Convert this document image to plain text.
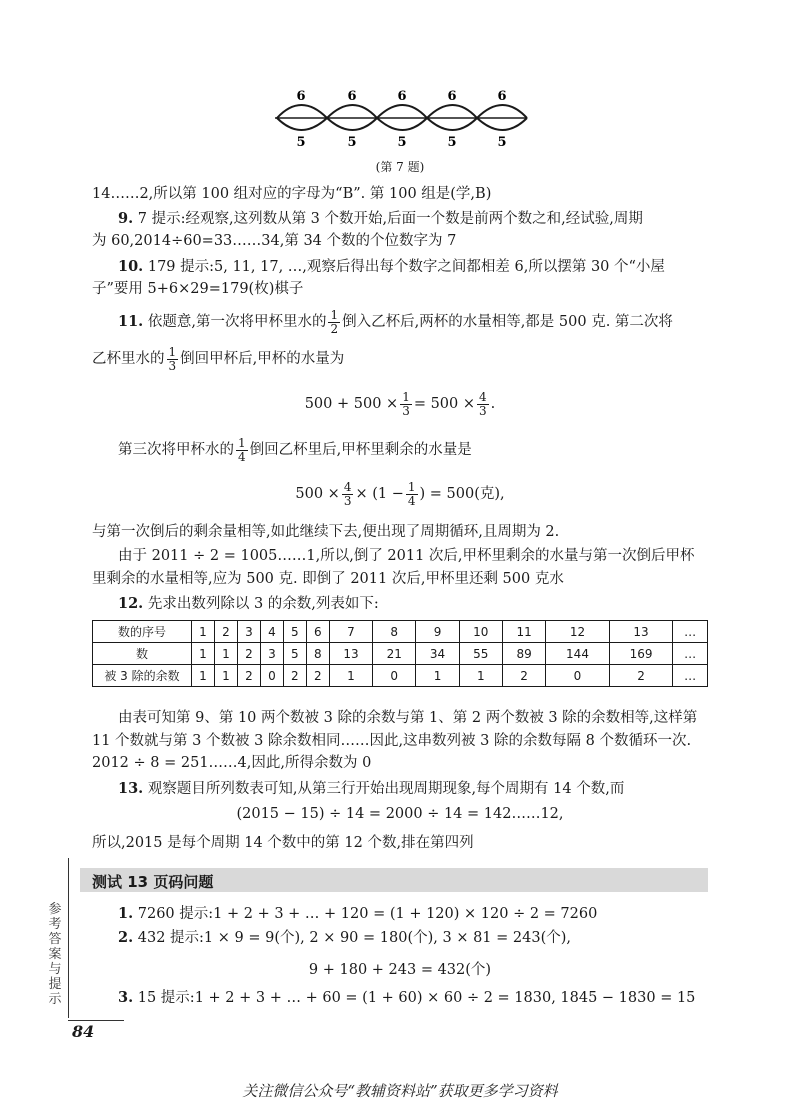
6	6	6	6	6
5	5	5	5	5
(第 7 题)
14……2,所以第 100 组对应的字母为“B”. 第 100 组是(学,B)
9. 7 提示:经观察,这列数从第 3 个数开始,后面一个数是前两个数之和,经试验,周期
为 60,2014÷60=33……34,第 34 个数的个位数字为 7
10. 179 提示:5, 11, 17, …,观察后得出每个数字之间都相差 6,所以摆第 30 个“小屋
子”要用 5+6×29=179(枚)棋子
11. 依题意,第一次将甲杯里水的 $\frac{1}{2}$ 倒入乙杯后,两杯的水量相等,都是 500 克. 第二次将
乙杯里水的 $\frac{1}{3}$ 倒回甲杯后,甲杯的水量为
$500 + 500 \times \frac{1}{3} = 500 \times \frac{4}{3}$ .
第三次将甲杯水的 $\frac{1}{4}$ 倒回乙杯里后,甲杯里剩余的水量是
$500 \times \frac{4}{3} \times (1 - \frac{1}{4}$ ) = 500(克),
与第一次倒后的剩余量相等,如此继续下去,便出现了周期循环,且周期为 2.
由于 2011 ÷ 2 = 1005……1,所以,倒了 2011 次后,甲杯里剩余的水量与第一次倒后甲杯
里剩余的水量相等,应为 500 克. 即倒了 2011 次后,甲杯里还剩 500 克水
12. 先求出数列除以 3 的余数,列表如下:
数的序号	1	2	3	4	5	6	7	8	9	10	11	12	13	…
数	1	1	2	3	5	8	13	21	34	55	89	144	169	…
被 3 除的余数	1	1	2	0	2	2	1	0	1	1	2	0	2	…
由表可知第 9、第 10 两个数被 3 除的余数与第 1、第 2 两个数被 3 除的余数相等,这样第
11 个数就与第 3 个数被 3 除余数相同……因此,这串数列被 3 除的余数每隔 8 个数循环一次.
2012 ÷ 8 = 251……4,因此,所得余数为 0
13. 观察题目所列数表可知,从第三行开始出现周期现象,每个周期有 14 个数,而
(2015 − 15) ÷ 14 = 2000 ÷ 14 = 142……12,
所以,2015 是每个周期 14 个数中的第 12 个数,排在第四列
测试 13 页码问题
1. 7260 提示:1 + 2 + 3 + … + 120 = (1 + 120) × 120 ÷ 2 = 7260
2. 432 提示:1 × 9 = 9(个), 2 × 90 = 180(个), 3 × 81 = 243(个),
9 + 180 + 243 = 432(个)
3. 15 提示:1 + 2 + 3 + … + 60 = (1 + 60) × 60 ÷ 2 = 1830, 1845 − 1830 = 15
参
考
答
案
与
提
示
84
关注微信公众号“教辅资料站”获取更多学习资料
